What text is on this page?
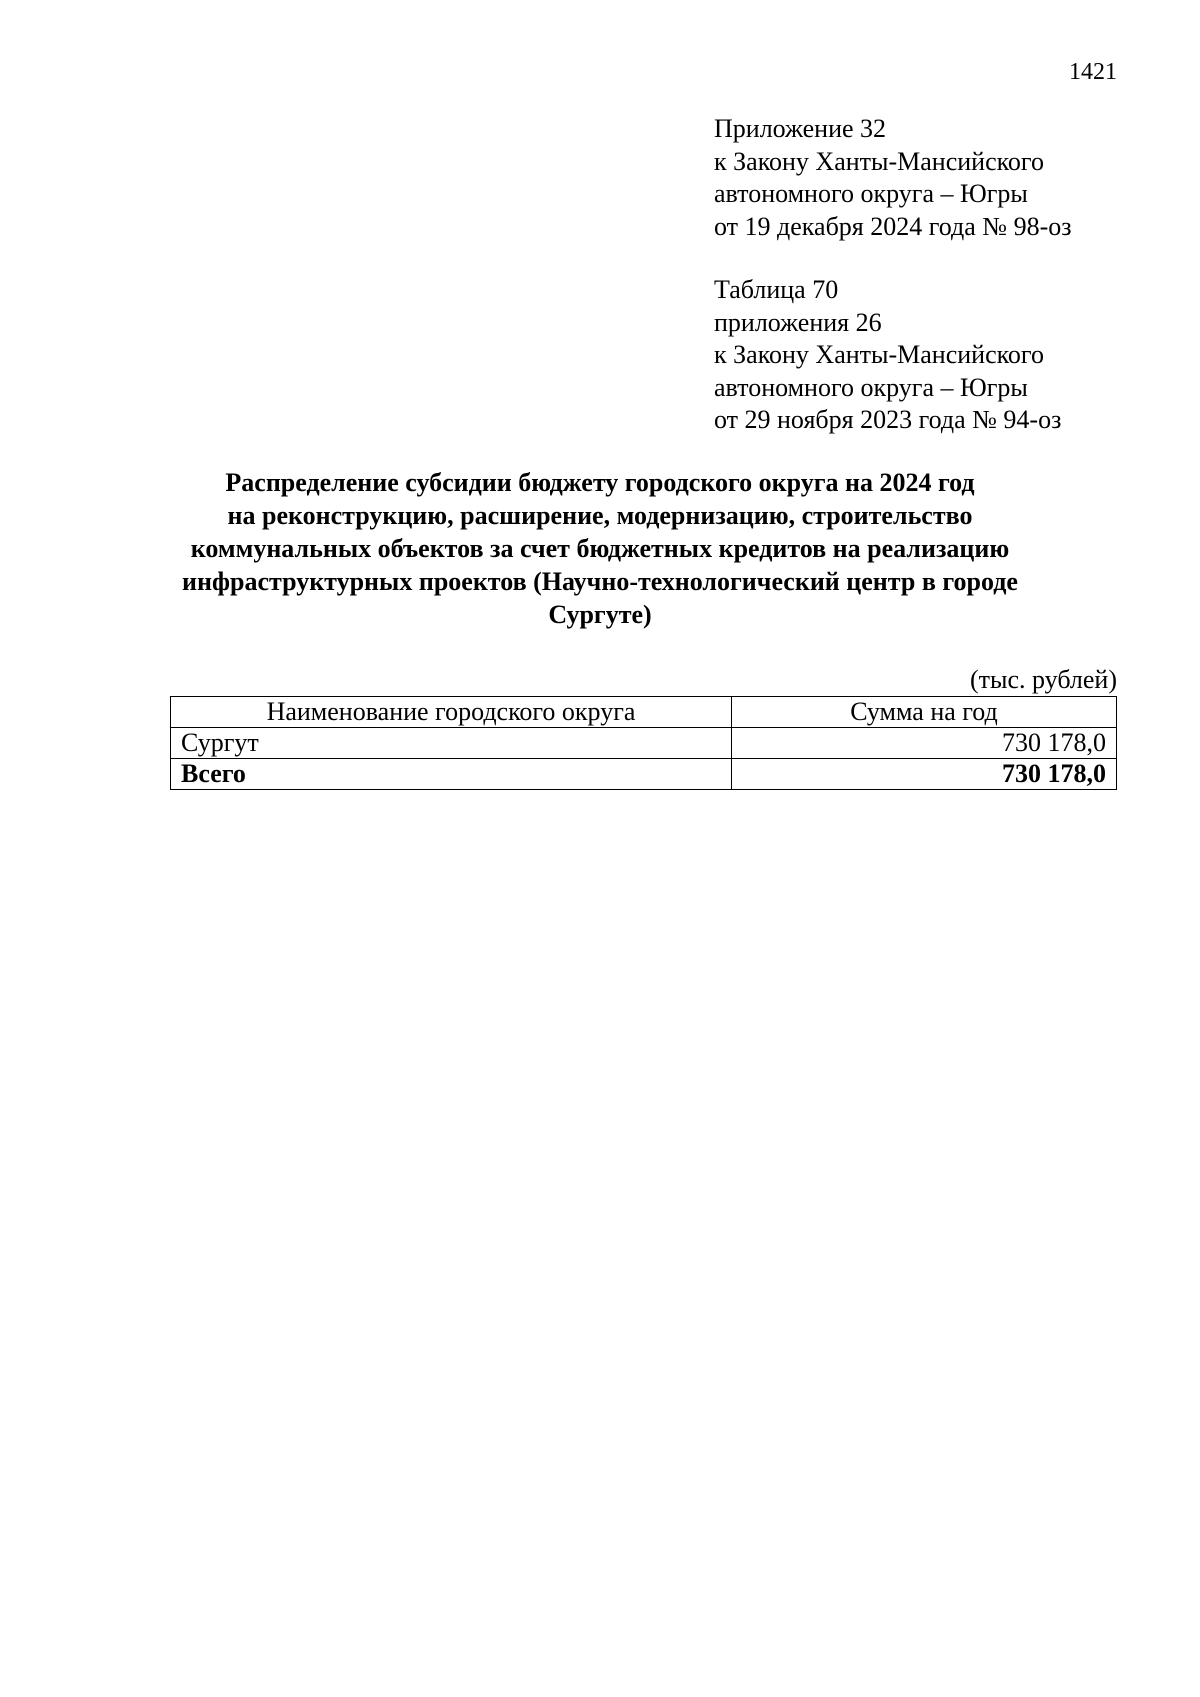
1421
Приложение 32
к Закону Ханты-Мансийского
автономного округа – Югры
от 19 декабря 2024 года № 98-оз
Таблица 70
приложения 26
к Закону Ханты-Мансийского
автономного округа – Югры
от 29 ноября 2023 года № 94-оз
Распределение субсидии бюджету городского округа на 2024 год
на реконструкцию, расширение, модернизацию, строительство
коммунальных объектов за счет бюджетных кредитов на реализацию
инфраструктурных проектов (Научно-технологический центр в городе
Сургуте)
(тыс. рублей)
Наименование городского округа	Сумма на год
Сургут	730 178,0
Всего	730 178,0
